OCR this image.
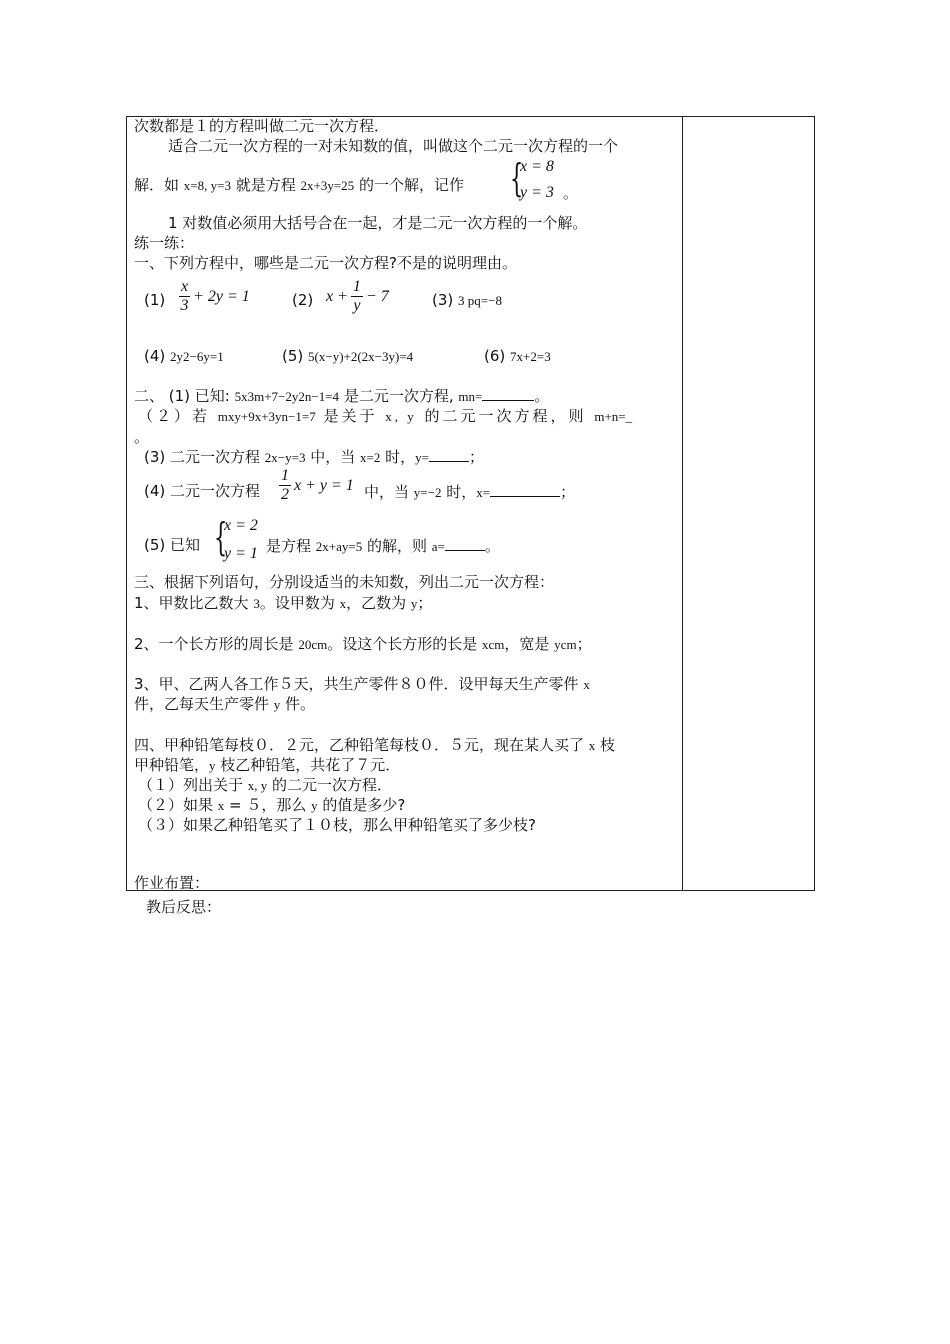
次数都是１的方程叫做二元一次方程．
适合二元一次方程的一对未知数的值，叫做这个二元一次方程的一个
解．如 x=8, y=3 就是方程 2x+3y=25 的一个解，记作 {
x = 8
y = 3 。
1 对数值必须用大括号合在一起，才是二元一次方程的一个解。
练一练：
一、下列方程中，哪些是二元一次方程?不是的说明理由。
$(1) \frac{x}{3} + 2y = 1$	(2) $x + \frac{1}{y} - 7$	(3) 3 pq=−8
(4) 2y2−6y=1	(5) 5(x−y)+2(2x−3y)=4	(6) 7x+2=3
二、 (1) 已知: 5x3m+7−2y2n−1=4 是二元一次方程, mn=	。
（２）若 mxy+9x+3yn−1=7 是关于 x, y 的二元一次方程，则 m+n=_
。
(3) 二元一次方程 2x−y=3 中，当 x=2 时，y=	；
(4) 二元一次方程 $\frac{1}{2}$ x + y = 1 中，当 y=−2 时，x=	；
(5) 已知 {
x = 2
y = 1 是方程 2x+ay=5 的解，则 a=	。
三、根据下列语句，分别设适当的未知数，列出二元一次方程：
1、甲数比乙数大 3。设甲数为 x，乙数为 y；
2、一个长方形的周长是 20cm。设这个长方形的长是 xcm，宽是 ycm；
3、甲、乙两人各工作５天，共生产零件８０件．设甲每天生产零件 x
件，乙每天生产零件 y 件。
四、甲种铅笔每枝０．２元，乙种铅笔每枝０．５元，现在某人买了 x 枝
甲种铅笔，y 枝乙种铅笔，共花了７元．
（１）列出关于 x, y 的二元一次方程．
（２）如果 x = ５，那么 y 的值是多少?
（３）如果乙种铅笔买了１０枝，那么甲种铅笔买了多少枝?
作业布置：
教后反思：
